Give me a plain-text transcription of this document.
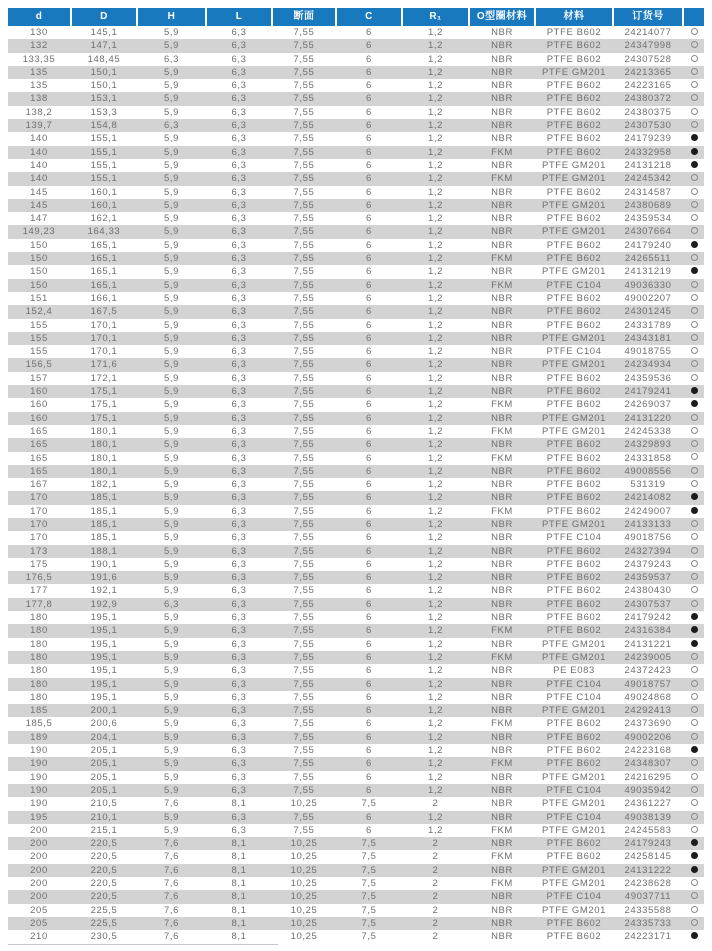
d	D	H	L	断面	C	R₁	O型圈材料	材料	订货号
130	145,1	5,9	6,3	7,55	6	1,2	NBR	PTFE B602	24214077
132	147,1	5,9	6,3	7,55	6	1,2	NBR	PTFE B602	24347998
133,35	148,45	6,3	6,3	7,55	6	1,2	NBR	PTFE B602	24307528
135	150,1	5,9	6,3	7,55	6	1,2	NBR	PTFE GM201	24213365
135	150,1	5,9	6,3	7,55	6	1,2	NBR	PTFE B602	24223165
138	153,1	5,9	6,3	7,55	6	1,2	NBR	PTFE B602	24380372
138,2	153,3	5,9	6,3	7,55	6	1,2	NBR	PTFE B602	24380375
139,7	154,8	6,3	6,3	7,55	6	1,2	NBR	PTFE B602	24307530
140	155,1	5,9	6,3	7,55	6	1,2	NBR	PTFE B602	24179239
140	155,1	5,9	6,3	7,55	6	1,2	FKM	PTFE B602	24332958
140	155,1	5,9	6,3	7,55	6	1,2	NBR	PTFE GM201	24131218
140	155,1	5,9	6,3	7,55	6	1,2	FKM	PTFE GM201	24245342
145	160,1	5,9	6,3	7,55	6	1,2	NBR	PTFE B602	24314587
145	160,1	5,9	6,3	7,55	6	1,2	NBR	PTFE GM201	24380689
147	162,1	5,9	6,3	7,55	6	1,2	NBR	PTFE B602	24359534
149,23	164,33	5,9	6,3	7,55	6	1,2	NBR	PTFE GM201	24307664
150	165,1	5,9	6,3	7,55	6	1,2	NBR	PTFE B602	24179240
150	165,1	5,9	6,3	7,55	6	1,2	FKM	PTFE B602	24265511
150	165,1	5,9	6,3	7,55	6	1,2	NBR	PTFE GM201	24131219
150	165,1	5,9	6,3	7,55	6	1,2	FKM	PTFE C104	49036330
151	166,1	5,9	6,3	7,55	6	1,2	NBR	PTFE B602	49002207
152,4	167,5	5,9	6,3	7,55	6	1,2	NBR	PTFE B602	24301245
155	170,1	5,9	6,3	7,55	6	1,2	NBR	PTFE B602	24331789
155	170,1	5,9	6,3	7,55	6	1,2	NBR	PTFE GM201	24343181
155	170,1	5,9	6,3	7,55	6	1,2	NBR	PTFE C104	49018755
156,5	171,6	5,9	6,3	7,55	6	1,2	NBR	PTFE GM201	24234934
157	172,1	5,9	6,3	7,55	6	1,2	NBR	PTFE B602	24359536
160	175,1	5,9	6,3	7,55	6	1,2	NBR	PTFE B602	24179241
160	175,1	5,9	6,3	7,55	6	1,2	FKM	PTFE B602	24269037
160	175,1	5,9	6,3	7,55	6	1,2	NBR	PTFE GM201	24131220
165	180,1	5,9	6,3	7,55	6	1,2	FKM	PTFE GM201	24245338
165	180,1	5,9	6,3	7,55	6	1,2	NBR	PTFE B602	24329893
165	180,1	5,9	6,3	7,55	6	1,2	FKM	PTFE B602	24331858
165	180,1	5,9	6,3	7,55	6	1,2	NBR	PTFE B602	49008556
167	182,1	5,9	6,3	7,55	6	1,2	NBR	PTFE B602	531319
170	185,1	5,9	6,3	7,55	6	1,2	NBR	PTFE B602	24214082
170	185,1	5,9	6,3	7,55	6	1,2	FKM	PTFE B602	24249007
170	185,1	5,9	6,3	7,55	6	1,2	NBR	PTFE GM201	24133133
170	185,1	5,9	6,3	7,55	6	1,2	NBR	PTFE C104	49018756
173	188,1	5,9	6,3	7,55	6	1,2	NBR	PTFE B602	24327394
175	190,1	5,9	6,3	7,55	6	1,2	NBR	PTFE B602	24379243
176,5	191,6	5,9	6,3	7,55	6	1,2	NBR	PTFE B602	24359537
177	192,1	5,9	6,3	7,55	6	1,2	NBR	PTFE B602	24380430
177,8	192,9	6,3	6,3	7,55	6	1,2	NBR	PTFE B602	24307537
180	195,1	5,9	6,3	7,55	6	1,2	NBR	PTFE B602	24179242
180	195,1	5,9	6,3	7,55	6	1,2	FKM	PTFE B602	24316384
180	195,1	5,9	6,3	7,55	6	1,2	NBR	PTFE GM201	24131221
180	195,1	5,9	6,3	7,55	6	1,2	FKM	PTFE GM201	24239005
180	195,1	5,9	6,3	7,55	6	1,2	NBR	PE E083	24372423
180	195,1	5,9	6,3	7,55	6	1,2	NBR	PTFE C104	49018757
180	195,1	5,9	6,3	7,55	6	1,2	NBR	PTFE C104	49024868
185	200,1	5,9	6,3	7,55	6	1,2	NBR	PTFE GM201	24292413
185,5	200,6	5,9	6,3	7,55	6	1,2	FKM	PTFE B602	24373690
189	204,1	5,9	6,3	7,55	6	1,2	NBR	PTFE B602	49002206
190	205,1	5,9	6,3	7,55	6	1,2	NBR	PTFE B602	24223168
190	205,1	5,9	6,3	7,55	6	1,2	FKM	PTFE B602	24348307
190	205,1	5,9	6,3	7,55	6	1,2	NBR	PTFE GM201	24216295
190	205,1	5,9	6,3	7,55	6	1,2	NBR	PTFE C104	49035942
190	210,5	7,6	8,1	10,25	7,5	2	NBR	PTFE GM201	24361227
195	210,1	5,9	6,3	7,55	6	1,2	NBR	PTFE C104	49038139
200	215,1	5,9	6,3	7,55	6	1,2	FKM	PTFE GM201	24245583
200	220,5	7,6	8,1	10,25	7,5	2	NBR	PTFE B602	24179243
200	220,5	7,6	8,1	10,25	7,5	2	FKM	PTFE B602	24258145
200	220,5	7,6	8,1	10,25	7,5	2	NBR	PTFE GM201	24131222
200	220,5	7,6	8,1	10,25	7,5	2	FKM	PTFE GM201	24238628
200	220,5	7,6	8,1	10,25	7,5	2	NBR	PTFE C104	49037711
205	225,5	7,6	8,1	10,25	7,5	2	NBR	PTFE GM201	24335588
205	225,5	7,6	8,1	10,25	7,5	2	NBR	PTFE B602	24335733
210	230,5	7,6	8,1	10,25	7,5	2	NBR	PTFE B602	24223171
